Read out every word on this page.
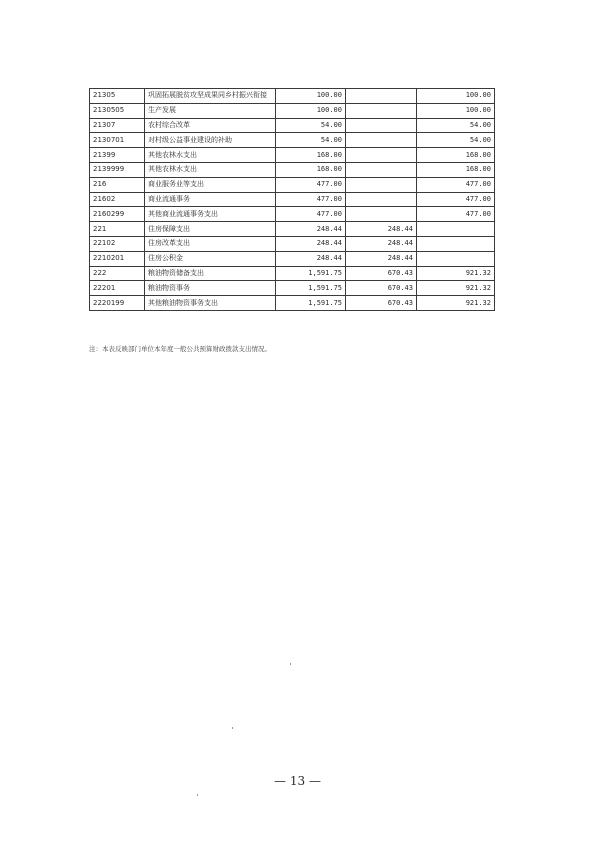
21305	巩固拓展脱贫攻坚成果同乡村振兴衔接	100.00		100.00
2130505	生产发展	100.00		100.00
21307	农村综合改革	54.00		54.00
2130701	对村级公益事业建设的补助	54.00		54.00
21399	其他农林水支出	168.00		168.00
2139999	其他农林水支出	168.00		168.00
216	商业服务业等支出	477.00		477.00
21602	商业流通事务	477.00		477.00
2160299	其他商业流通事务支出	477.00		477.00
221	住房保障支出	248.44	248.44	
22102	住房改革支出	248.44	248.44	
2210201	住房公积金	248.44	248.44	
222	粮油物资储备支出	1,591.75	670.43	921.32
22201	粮油物资事务	1,591.75	670.43	921.32
2220199	其他粮油物资事务支出	1,591.75	670.43	921.32
注：本表反映部门单位本年度一般公共预算财政拨款支出情况。
— 13 —
